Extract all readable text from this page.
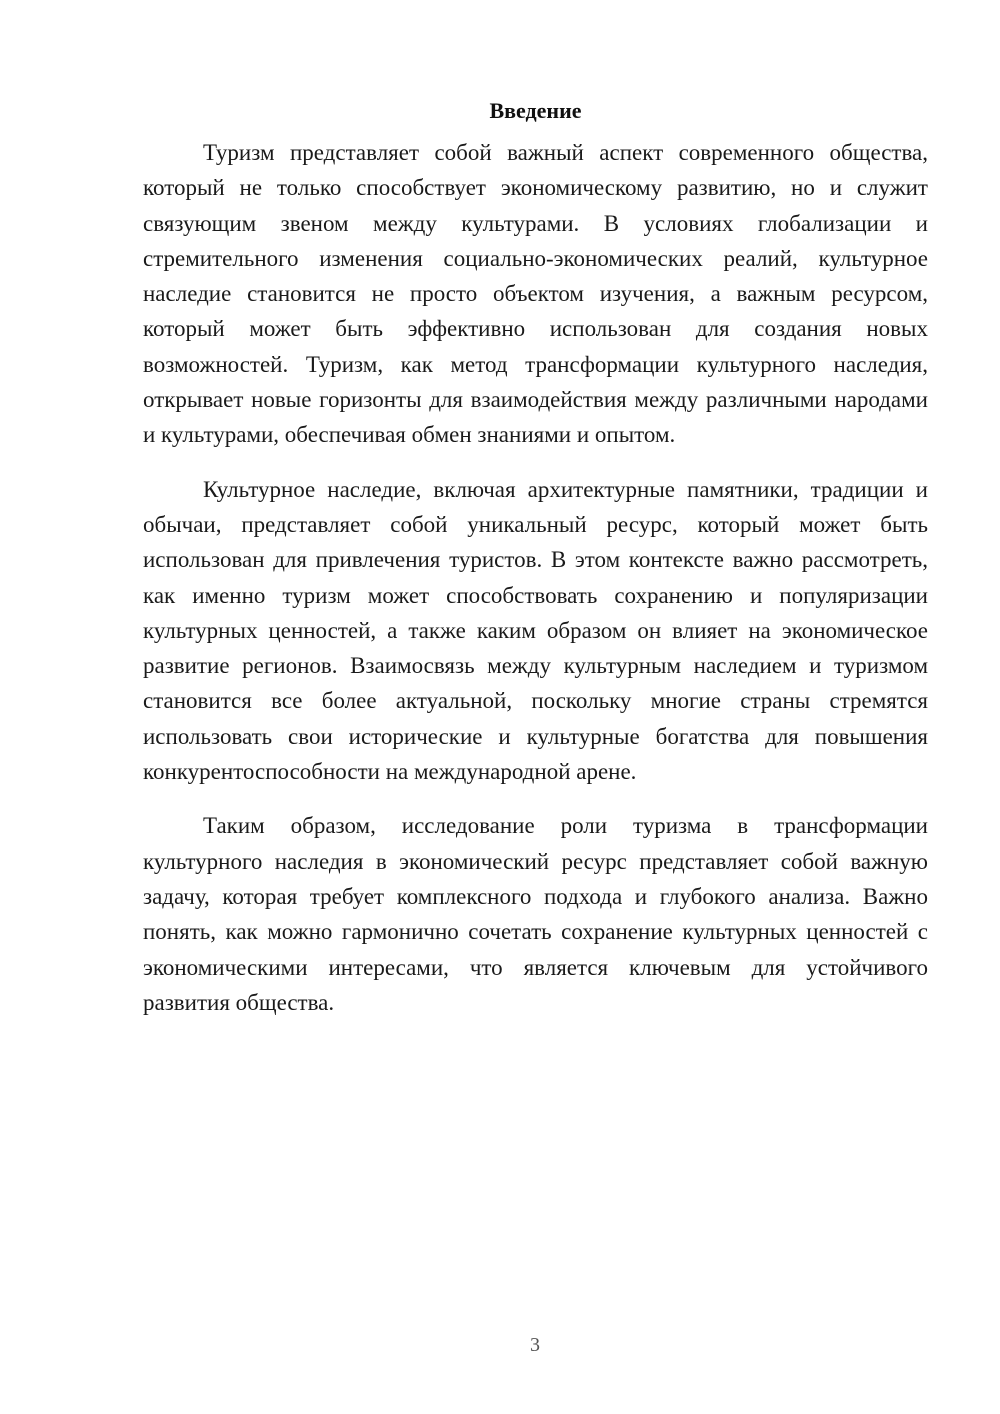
Введение

Туризм представляет собой важный аспект современного общества, который не только способствует экономическому развитию, но и служит связующим звеном между культурами. В условиях глобализации и стремительного изменения социально-экономических реалий, культурное наследие становится не просто объектом изучения, а важным ресурсом, который может быть эффективно использован для создания новых возможностей. Туризм, как метод трансформации культурного наследия, открывает новые горизонты для взаимодействия между различными народами и культурами, обеспечивая обмен знаниями и опытом.

Культурное наследие, включая архитектурные памятники, традиции и обычаи, представляет собой уникальный ресурс, который может быть использован для привлечения туристов. В этом контексте важно рассмотреть, как именно туризм может способствовать сохранению и популяризации культурных ценностей, а также каким образом он влияет на экономическое развитие регионов. Взаимосвязь между культурным наследием и туризмом становится все более актуальной, поскольку многие страны стремятся использовать свои исторические и культурные богатства для повышения конкурентоспособности на международной арене.

Таким образом, исследование роли туризма в трансформации культурного наследия в экономический ресурс представляет собой важную задачу, которая требует комплексного подхода и глубокого анализа. Важно понять, как можно гармонично сочетать сохранение культурных ценностей с экономическими интересами, что является ключевым для устойчивого развития общества.

3
